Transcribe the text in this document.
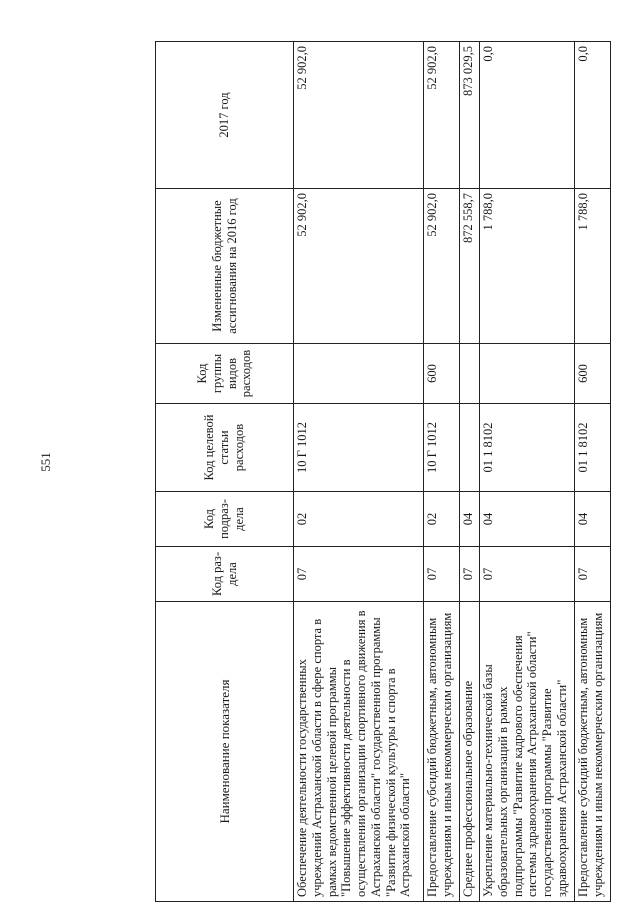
551
Наименование показателя	Код раз- дела	Код подраз- дела	Код целевой статьи расходов	Код группы видов расходов	Измененные бюджетные ассигнования на 2016 год	2017 год
Обеспечение деятельности государственных учреждений Астраханской области в сфере спорта в рамках ведомственной целевой программы "Повышение эффективности деятельности в осуществлении организации спортивного движения в Астраханской области" государственной программы "Развитие физической культуры и спорта в Астраханской области"	07	02	10 Г 1012		52 902,0	52 902,0
Предоставление субсидий бюджетным, автономным учреждениям и иным некоммерческим организациям	07	02	10 Г 1012	600	52 902,0	52 902,0
Среднее профессиональное образование	07	04			872 558,7	873 029,5
Укрепление материально-технической базы образовательных организаций в рамках подпрограммы "Развитие кадрового обеспечения системы здравоохранения Астраханской области" государственной программы "Развитие здравоохранения Астраханской области"	07	04	01 1 8102		1 788,0	0,0
Предоставление субсидий бюджетным, автономным учреждениям и иным некоммерческим организациям	07	04	01 1 8102	600	1 788,0	0,0
